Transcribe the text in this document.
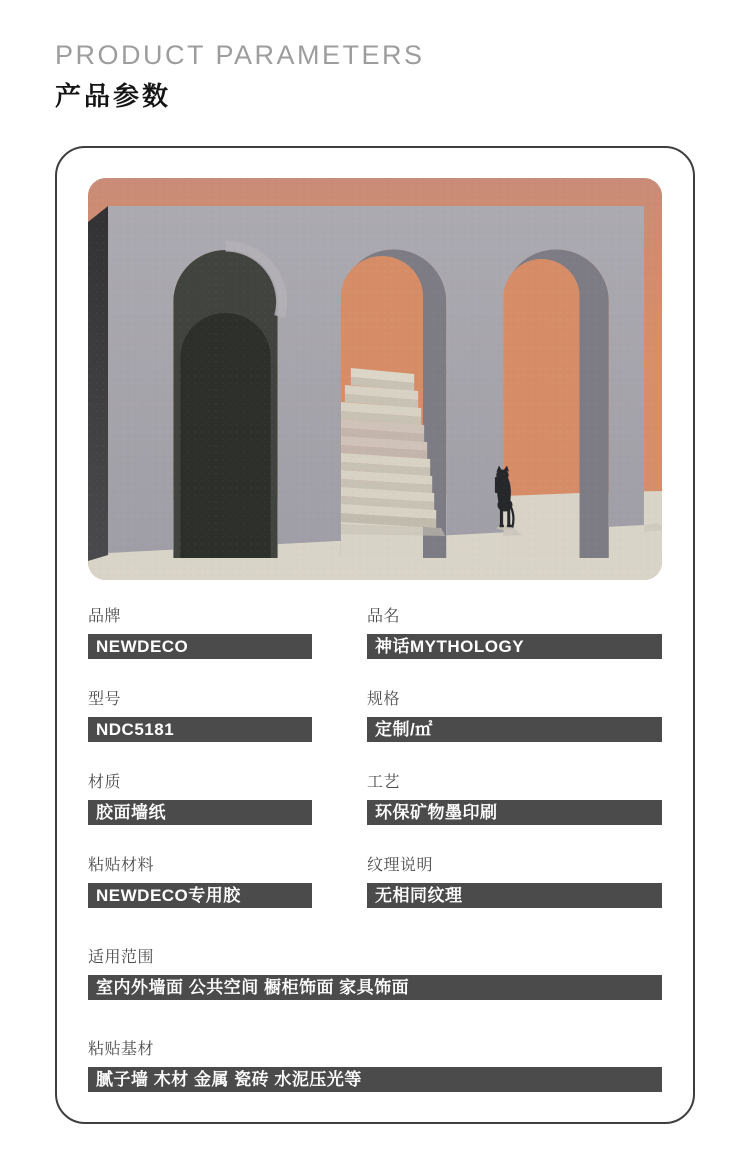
PRODUCT PARAMETERS
产品参数
品牌
NEWDECO
品名
神话MYTHOLOGY
型号
NDC5181
规格
定制/㎡
材质
胶面墙纸
工艺
环保矿物墨印刷
粘贴材料
NEWDECO专用胶
纹理说明
无相同纹理
适用范围
室内外墙面 公共空间 橱柜饰面 家具饰面
粘贴基材
腻子墙 木材 金属 瓷砖 水泥压光等
